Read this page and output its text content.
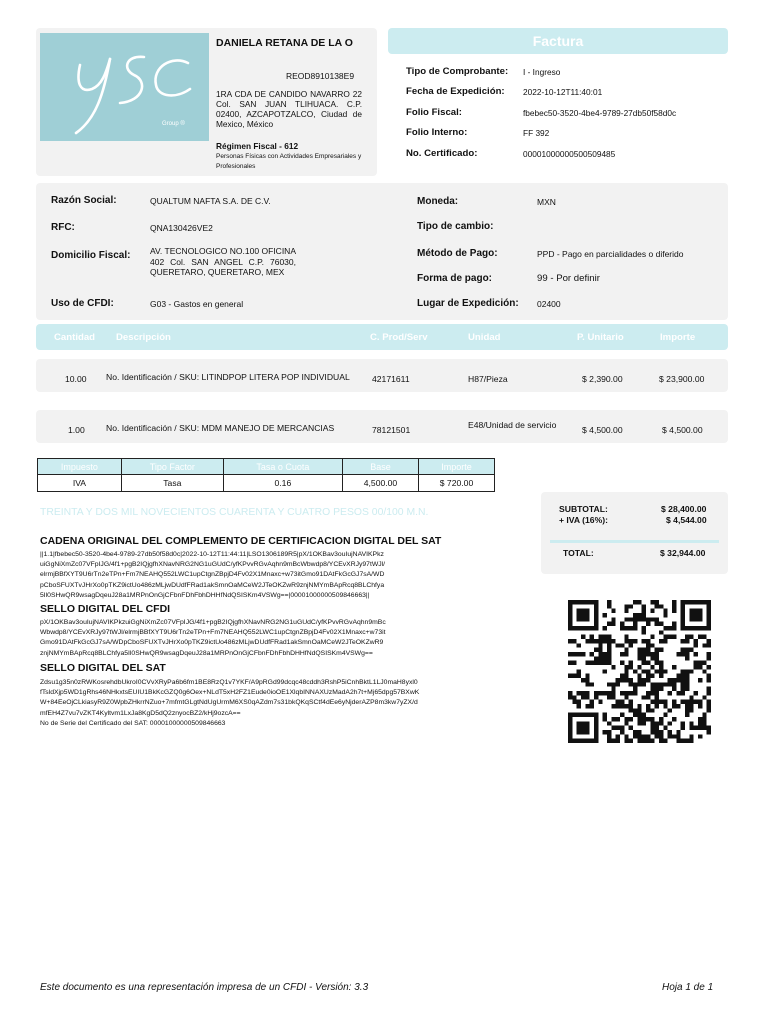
Group ®
DANIELA RETANA DE LA O
REOD8910138E9
1RA CDA DE CANDIDO NAVARRO 22 Col. SAN JUAN TLIHUACA. C.P. 02400, AZCAPOTZALCO, Ciudad de Mexico, México
Régimen Fiscal - 612
Personas Físicas con Actividades Empresariales y Profesionales
Factura
Tipo de Comprobante: I - Ingreso
Fecha de Expedición: 2022-10-12T11:40:01
Folio Fiscal:	fbebec50-3520-4be4-9789-27db50f58d0c
Folio Interno:	FF 392
No. Certificado:	00001000000500509485
Razón Social:	QUALTUM NAFTA S.A. DE C.V.
RFC:	QNA130426VE2
Domicilio Fiscal: AV. TECNOLOGICO NO.100 OFICINA 402 Col. SAN ANGEL C.P. 76030, QUERETARO, QUERETARO, MEX
Uso de CFDI:	G03 - Gastos en general
Moneda:	MXN
Tipo de cambio:
Método de Pago:	PPD - Pago en parcialidades o diferido
Forma de pago:	99 - Por definir
Lugar de Expedición: 02400
Cantidad Descripción	C. Prod/Serv	Unidad	P. Unitario	Importe
10.00 No. Identificación / SKU: LITINDPOP LITERA POP INDIVIDUAL	42171611	H87/Pieza	$ 2,390.00	$ 23,900.00
1.00 No. Identificación / SKU: MDM MANEJO DE MERCANCIAS	78121501	E48/Unidad de servicio	$ 4,500.00	$ 4,500.00
Impuesto	Tipo Factor	Tasa o Cuota	Base	Importe
IVA	Tasa	0.16	4,500.00	$ 720.00
TREINTA Y DOS MIL NOVECIENTOS CUARENTA Y CUATRO PESOS 00/100 M.N.	SUBTOTAL:	$ 28,400.00
+ IVA (16%):	$ 4,544.00
TOTAL:	$ 32,944.00
CADENA ORIGINAL DEL COMPLEMENTO DE CERTIFICACION DIGITAL DEL SAT
||1.1|fbebec50-3520-4be4-9789-27db50f58d0c|2022-10-12T11:44:11|LSO1306189R5|pX/1OKBav3ouIujNAVIKPkz
uiGgNiXmZc07VFpIJG/4f1+pgB2IQjgfhXNavNRG2NG1uGUdC/yfKPvvRGvAqhn9mBcWbwdp8/YCEvXRJy97tWJl/
elrmjBBfXYT9U6rTn2eTPn+Fm7NEAHQ552LWC1upCtgnZBpjD4Fv02X1Mnaxc+w73itGmo91DAtFkGcGJ7sA/WD
pCboSFUXTvJHrXo0pTKZ9ictUo486zMLjwDUdfFRad1akSmnOaMCeW2JTeOKZwR9znjNMYmBApRcq8BLChfya
5Il0SHwQR9wsagDqeuJ28a1MRPnOnGjCFbnFDhFbhDHHfNdQSISKm4VSWg==|00001000000509846663||
SELLO DIGITAL DEL CFDI
pX/1OKBav3ouIujNAVIKPkzuiGgNiXmZc07VFpIJG/4f1+pgB2IQjgfhXNavNRG2NG1uGUdC/yfKPvvRGvAqhn9mBc
Wbwdp8/YCEvXRJy97tWJl/elrmjBBfXYT9U6rTn2eTPn+Fm7NEAHQ552LWC1upCtgnZBpjD4Fv02X1Mnaxc+w73it
Gmo91DAtFkGcGJ7sA/WDpCboSFUXTvJHrXo0pTKZ9ictUo486zMLjwDUdfFRad1akSmnOaMCeW2JTeOKZwR9
znjNMYmBApRcq8BLChfya5Il0SHwQR9wsagDqeuJ28a1MRPnOnGjCFbnFDhFbhDHHfNdQSISKm4VSWg==
SELLO DIGITAL DEL SAT
Zdsu1g35n0zRWKosrehdbUkroI0CVvXRyPa6b6fm1BE8RzQ1v7YKF/A9pRGd99dcqc48cddh3RshP5iCnhBktL1LJ0maH8yxl0
fTsldXjp5WD1gRhs46NHkxtsEUIU1BkKcGZQ0g6Oex+NLdT5xH2FZ1Eude0ioOE1XlqbINNAXUzMadA2h7t+Mj65dpg57BXwK
W+84EeOjCLkiasyR9Z0WpbZHkrrNZuo+7mfmtGLgtNdUgUrmM6XS0qAZdm7s31bkQKqSCtf4dEe6yNjderAZP8m3kw7yZX/d
mfEH4Z7vu7vZKT4Kyltvm1LxJa8KgD5dQ2znyocBZ2/kHj9ozcA==
No de Serie del Certificado del SAT: 00001000000509846663
Este documento es una representación impresa de un CFDI - Versión: 3.3	Hoja 1 de 1
